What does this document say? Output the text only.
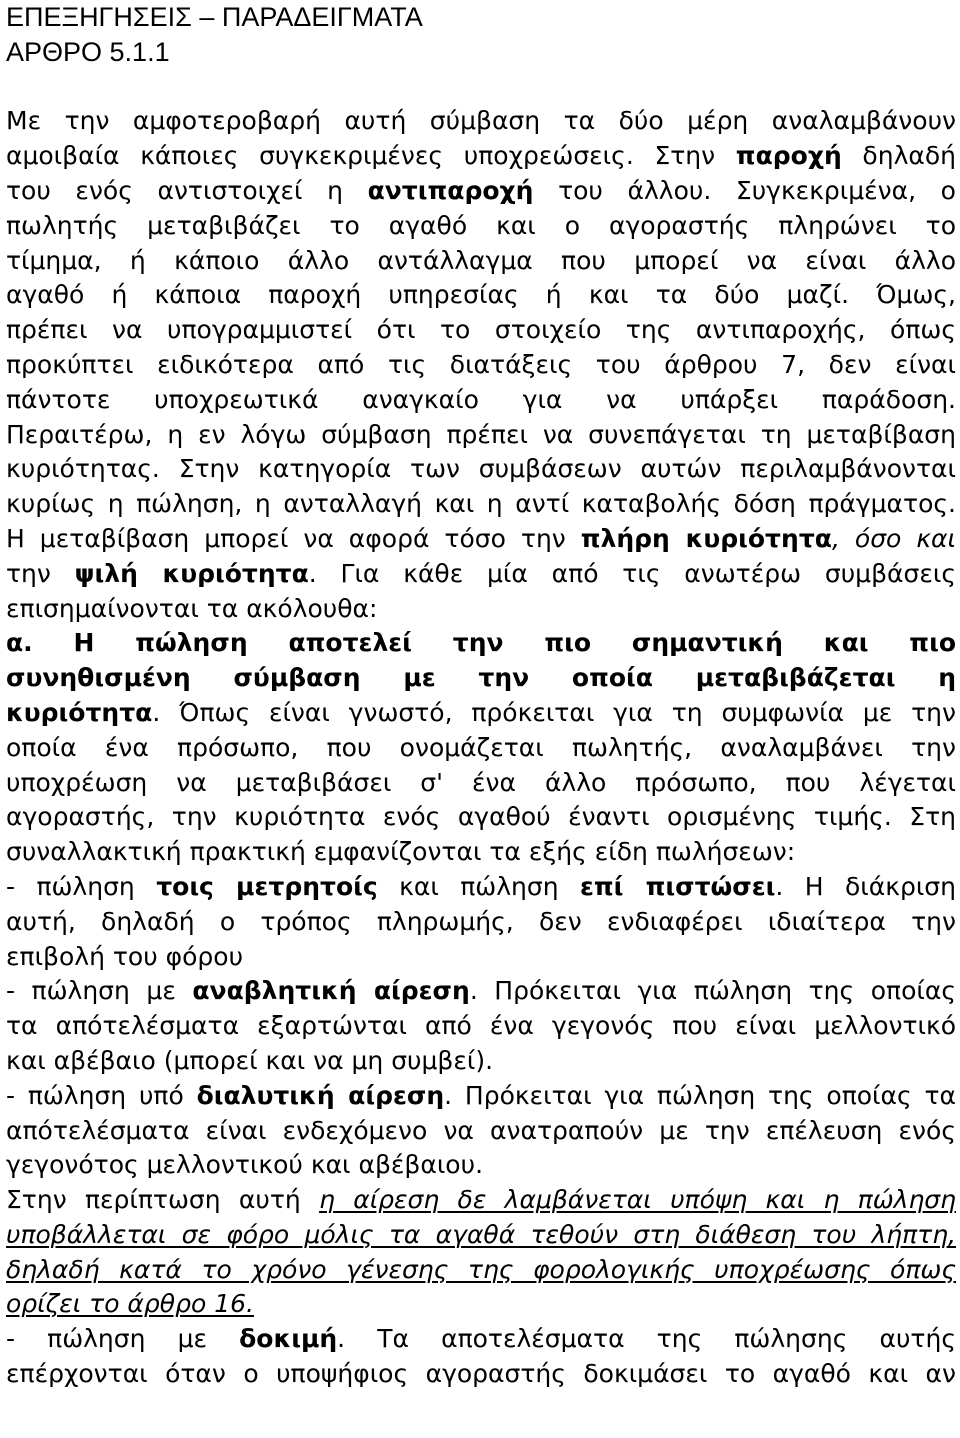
ΕΠΕΞΗΓΗΣΕΙΣ – ΠΑΡΑΔΕΙΓΜΑΤΑ
ΑΡΘΡΟ 5.1.1
Με την αμφοτεροβαρή αυτή σύμβαση τα δύο μέρη αναλαμβάνουν
αμοιβαία κάποιες συγκεκριμένες υποχρεώσεις. Στην παροχή δηλαδή
του ενός αντιστοιχεί η αντιπαροχή του άλλου. Συγκεκριμένα, ο
πωλητής μεταβιβάζει το αγαθό και ο αγοραστής πληρώνει το
τίμημα, ή κάποιο άλλο αντάλλαγμα που μπορεί να είναι άλλο
αγαθό ή κάποια παροχή υπηρεσίας ή και τα δύο μαζί. Όμως,
πρέπει να υπογραμμιστεί ότι το στοιχείο της αντιπαροχής, όπως
προκύπτει ειδικότερα από τις διατάξεις του άρθρου 7, δεν είναι
πάντοτε υποχρεωτικά αναγκαίο για να υπάρξει παράδοση.
Περαιτέρω, η εν λόγω σύμβαση πρέπει να συνεπάγεται τη μεταβίβαση
κυριότητας. Στην κατηγορία των συμβάσεων αυτών περιλαμβάνονται
κυρίως η πώληση, η ανταλλαγή και η αντί καταβολής δόση πράγματος.
Η μεταβίβαση μπορεί να αφορά τόσο την πλήρη κυριότητα, όσο και
την ψιλή κυριότητα. Για κάθε μία από τις ανωτέρω συμβάσεις
επισημαίνονται τα ακόλουθα:
α. Η πώληση αποτελεί την πιο σημαντική και πιο
συνηθισμένη σύμβαση με την οποία μεταβιβάζεται η
κυριότητα. Όπως είναι γνωστό, πρόκειται για τη συμφωνία με την
οποία ένα πρόσωπο, που ονομάζεται πωλητής, αναλαμβάνει την
υποχρέωση να μεταβιβάσει σ' ένα άλλο πρόσωπο, που λέγεται
αγοραστής, την κυριότητα ενός αγαθού έναντι ορισμένης τιμής. Στη
συναλλακτική πρακτική εμφανίζονται τα εξής είδη πωλήσεων:
- πώληση τοις μετρητοίς και πώληση επί πιστώσει. Η διάκριση
αυτή, δηλαδή ο τρόπος πληρωμής, δεν ενδιαφέρει ιδιαίτερα την
επιβολή του φόρου
- πώληση με αναβλητική αίρεση. Πρόκειται για πώληση της οποίας
τα απότελέσματα εξαρτώνται από ένα γεγονός που είναι μελλοντικό
και αβέβαιο (μπορεί και να μη συμβεί).
- πώληση υπό διαλυτική αίρεση. Πρόκειται για πώληση της οποίας τα
απότελέσματα είναι ενδεχόμενο να ανατραπούν με την επέλευση ενός
γεγονότος μελλοντικού και αβέβαιου.
Στην περίπτωση αυτή η αίρεση δε λαμβάνεται υπόψη και η πώληση
υποβάλλεται σε φόρο μόλις τα αγαθά τεθούν στη διάθεση του λήπτη,
δηλαδή κατά το χρόνο γένεσης της φορολογικής υποχρέωσης όπως
ορίζει το άρθρο 16.
- πώληση με δοκιμή. Τα αποτελέσματα της πώλησης αυτής
επέρχονται όταν ο υποψήφιος αγοραστής δοκιμάσει το αγαθό και αν
